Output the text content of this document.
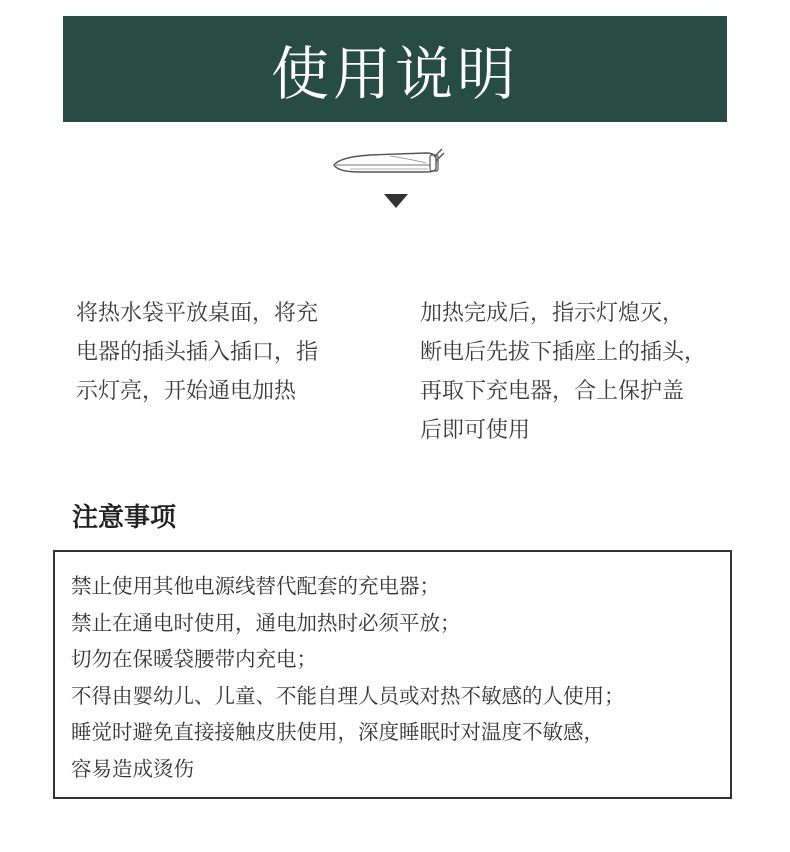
使用说明

将热水袋平放桌面，将充

电器的插头插入插口，指

示灯亮，开始通电加热

加热完成后，指示灯熄灭，

断电后先拔下插座上的插头，

再取下充电器，合上保护盖

后即可使用

注意事项

禁止使用其他电源线替代配套的充电器；

禁止在通电时使用，通电加热时必须平放；

切勿在保暖袋腰带内充电；

不得由婴幼儿、儿童、不能自理人员或对热不敏感的人使用；

睡觉时避免直接接触皮肤使用，深度睡眠时对温度不敏感，

容易造成烫伤
